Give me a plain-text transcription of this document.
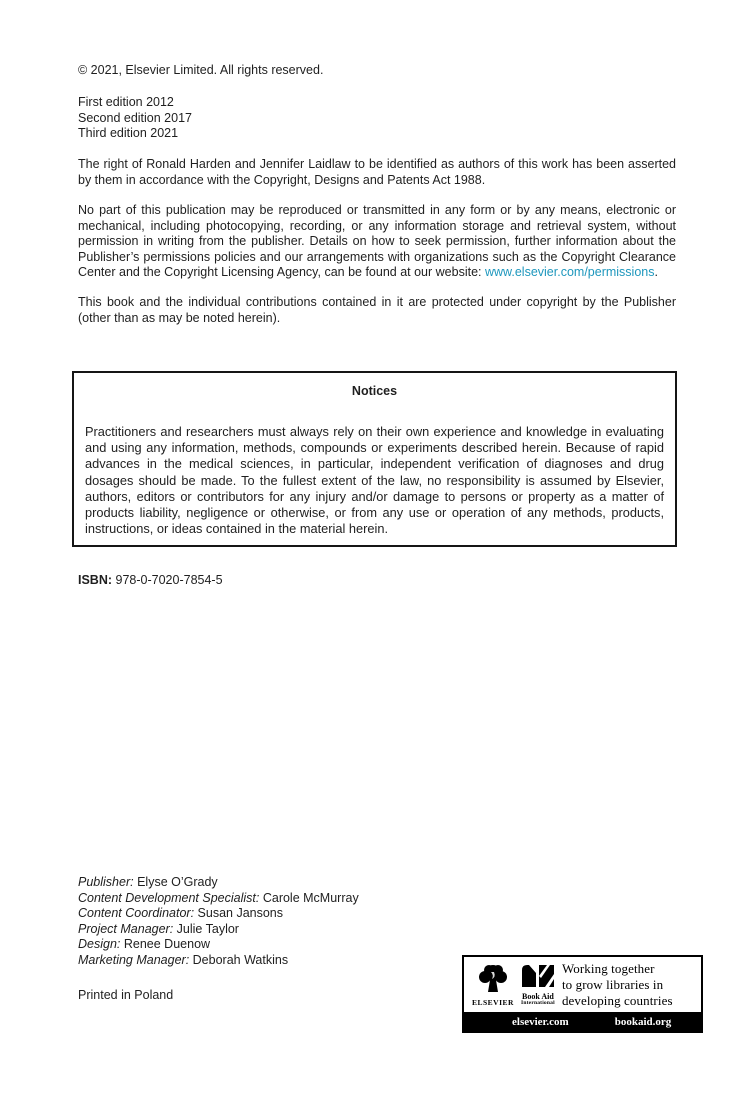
© 2021, Elsevier Limited. All rights reserved.
First edition 2012
Second edition 2017
Third edition 2021
The right of Ronald Harden and Jennifer Laidlaw to be identified as authors of this work has been asserted by them in accordance with the Copyright, Designs and Patents Act 1988.
No part of this publication may be reproduced or transmitted in any form or by any means, electronic or mechanical, including photocopying, recording, or any information storage and retrieval system, without permission in writing from the publisher. Details on how to seek permission, further information about the Publisher’s permissions policies and our arrangements with organizations such as the Copyright Clearance Center and the Copyright Licensing Agency, can be found at our website: www.elsevier.com/permissions.
This book and the individual contributions contained in it are protected under copyright by the Publisher (other than as may be noted herein).
Notices
Practitioners and researchers must always rely on their own experience and knowledge in evaluating and using any information, methods, compounds or experiments described herein. Because of rapid advances in the medical sciences, in particular, independent verification of diagnoses and drug dosages should be made. To the fullest extent of the law, no responsibility is assumed by Elsevier, authors, editors or contributors for any injury and/or damage to persons or property as a matter of products liability, negligence or otherwise, or from any use or operation of any methods, products, instructions, or ideas contained in the material herein.
ISBN: 978-0-7020-7854-5
Publisher: Elyse O’Grady
Content Development Specialist: Carole McMurray
Content Coordinator: Susan Jansons
Project Manager: Julie Taylor
Design: Renee Duenow
Marketing Manager: Deborah Watkins
Printed in Poland
ELSEVIER
Book Aid
International
Working together
to grow libraries in
developing countries
elsevier.com	bookaid.org
